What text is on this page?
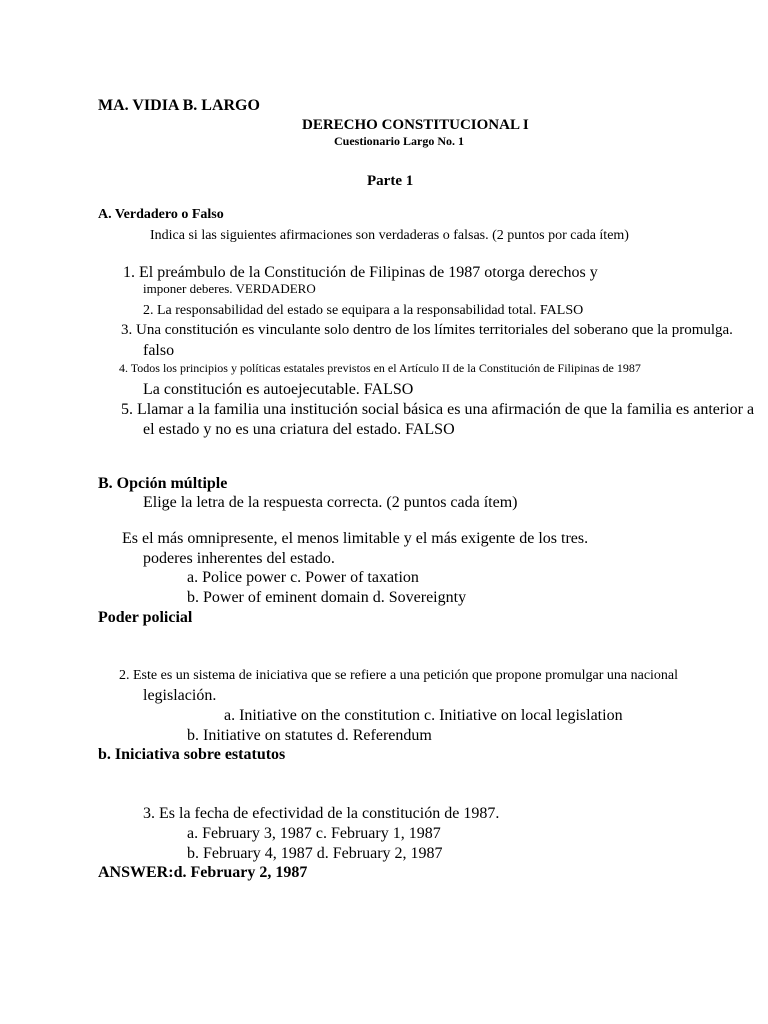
MA. VIDIA B. LARGO
DERECHO CONSTITUCIONAL I
Cuestionario Largo No. 1
Parte 1
A. Verdadero o Falso
Indica si las siguientes afirmaciones son verdaderas o falsas. (2 puntos por cada ítem)
1. El preámbulo de la Constitución de Filipinas de 1987 otorga derechos y
imponer deberes. VERDADERO
2. La responsabilidad del estado se equipara a la responsabilidad total. FALSO
3. Una constitución es vinculante solo dentro de los límites territoriales del soberano que la promulga.
falso
4. Todos los principios y políticas estatales previstos en el Artículo II de la Constitución de Filipinas de 1987
La constitución es autoejecutable. FALSO
5. Llamar a la familia una institución social básica es una afirmación de que la familia es anterior a
el estado y no es una criatura del estado. FALSO
B. Opción múltiple
Elige la letra de la respuesta correcta. (2 puntos cada ítem)
Es el más omnipresente, el menos limitable y el más exigente de los tres.
poderes inherentes del estado.
a. Police power c. Power of taxation
b. Power of eminent domain d. Sovereignty
Poder policial
2. Este es un sistema de iniciativa que se refiere a una petición que propone promulgar una nacional
legislación.
a. Initiative on the constitution c. Initiative on local legislation
b. Initiative on statutes d. Referendum
b. Iniciativa sobre estatutos
3. Es la fecha de efectividad de la constitución de 1987.
a. February 3, 1987 c. February 1, 1987
b. February 4, 1987 d. February 2, 1987
ANSWER:d. February 2, 1987
